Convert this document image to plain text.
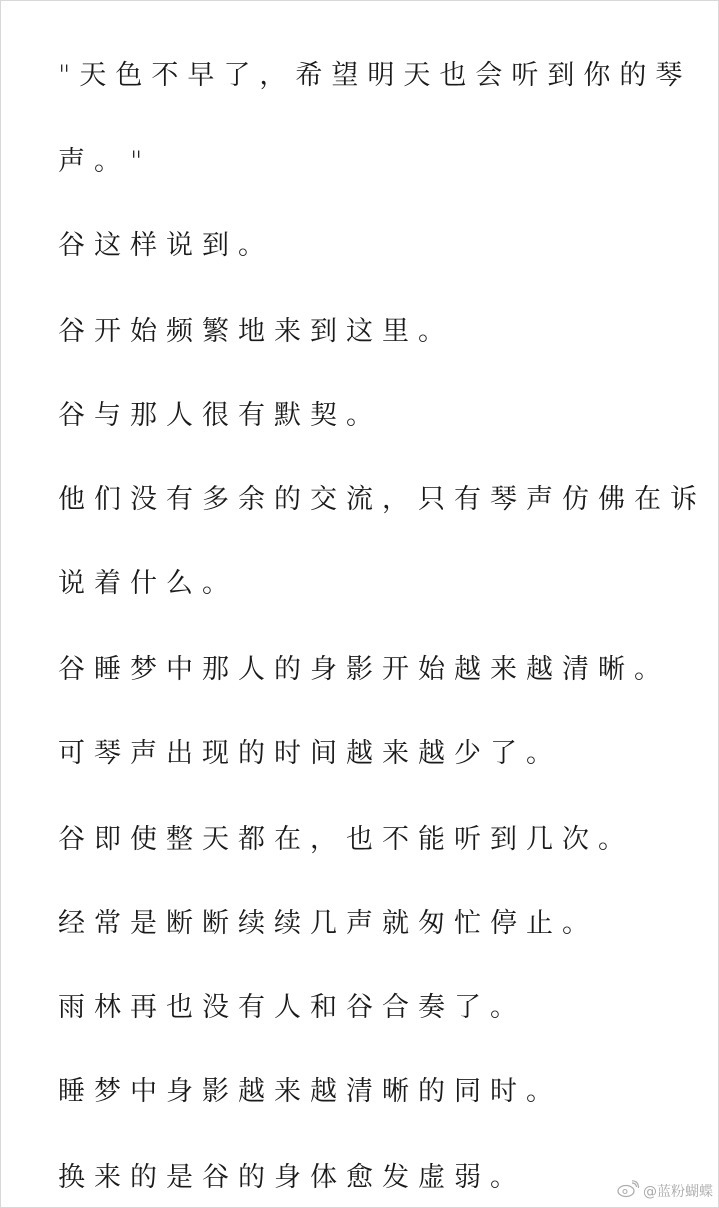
"天色不早了，希望明天也会听到你的琴

声。"

谷这样说到。

谷开始频繁地来到这里。

谷与那人很有默契。

他们没有多余的交流，只有琴声仿佛在诉

说着什么。

谷睡梦中那人的身影开始越来越清晰。

可琴声出现的时间越来越少了。

谷即使整天都在，也不能听到几次。

经常是断断续续几声就匆忙停止。

雨林再也没有人和谷合奏了。

睡梦中身影越来越清晰的同时。

换来的是谷的身体愈发虚弱。	@蓝粉蝴蝶
